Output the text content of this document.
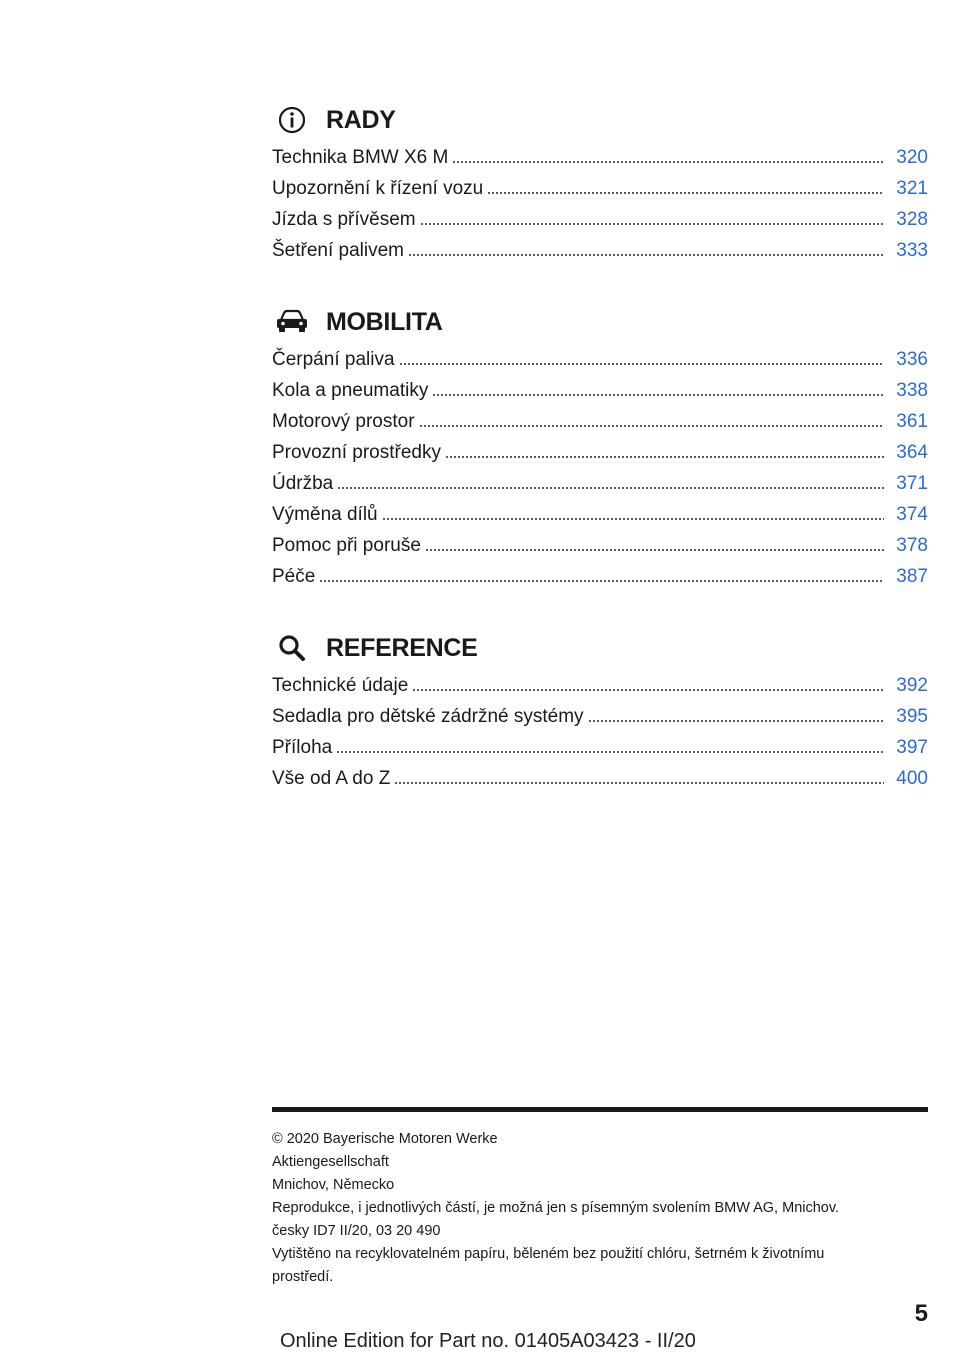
RADY
Technika BMW X6 M	320
Upozornění k řízení vozu	321
Jízda s přívěsem	328
Šetření palivem	333
MOBILITA
Čerpání paliva	336
Kola a pneumatiky	338
Motorový prostor	361
Provozní prostředky	364
Údržba	371
Výměna dílů	374
Pomoc při poruše	378
Péče	387
REFERENCE
Technické údaje	392
Sedadla pro dětské zádržné systémy	395
Příloha	397
Vše od A do Z	400
© 2020 Bayerische Motoren Werke
Aktiengesellschaft
Mnichov, Německo
Reprodukce, i jednotlivých částí, je možná jen s písemným svolením BMW AG, Mnichov.
česky ID7 II/20, 03 20 490
Vytištěno na recyklovatelném papíru, běleném bez použití chlóru, šetrném k životnímu
prostředí.
5
Online Edition for Part no. 01405A03423 - II/20
